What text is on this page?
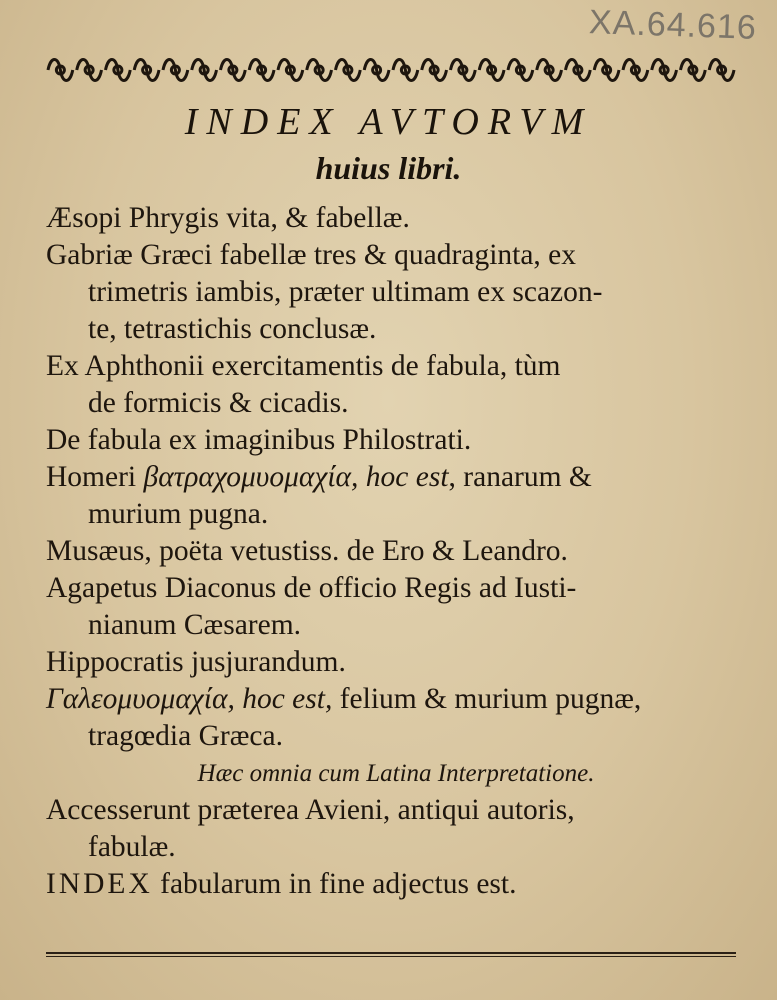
XA.64.616
INDEX AVTORVM
huius libri.

Æsopi Phrygis vita, & fabellæ.

Gabriæ Græci fabellæ tres & quadraginta, ex
trimetris iambis, præter ultimam ex scazon-
te, tetrastichis conclusæ.

Ex Aphthonii exercitamentis de fabula, tùm
de formicis & cicadis.

De fabula ex imaginibus Philostrati.

Homeri βατραχομυομαχία, hoc est, ranarum &
murium pugna.

Musæus, poëta vetustiss. de Ero & Leandro.

Agapetus Diaconus de officio Regis ad Iusti-
nianum Cæsarem.

Hippocratis jusjurandum.

Γαλεομυομαχία, hoc est, felium & murium pugnæ,
tragœdia Græca.

Hæc omnia cum Latina Interpretatione.

Accesserunt præterea Avieni, antiqui autoris,
fabulæ.

INDEX fabularum in fine adjectus est.
